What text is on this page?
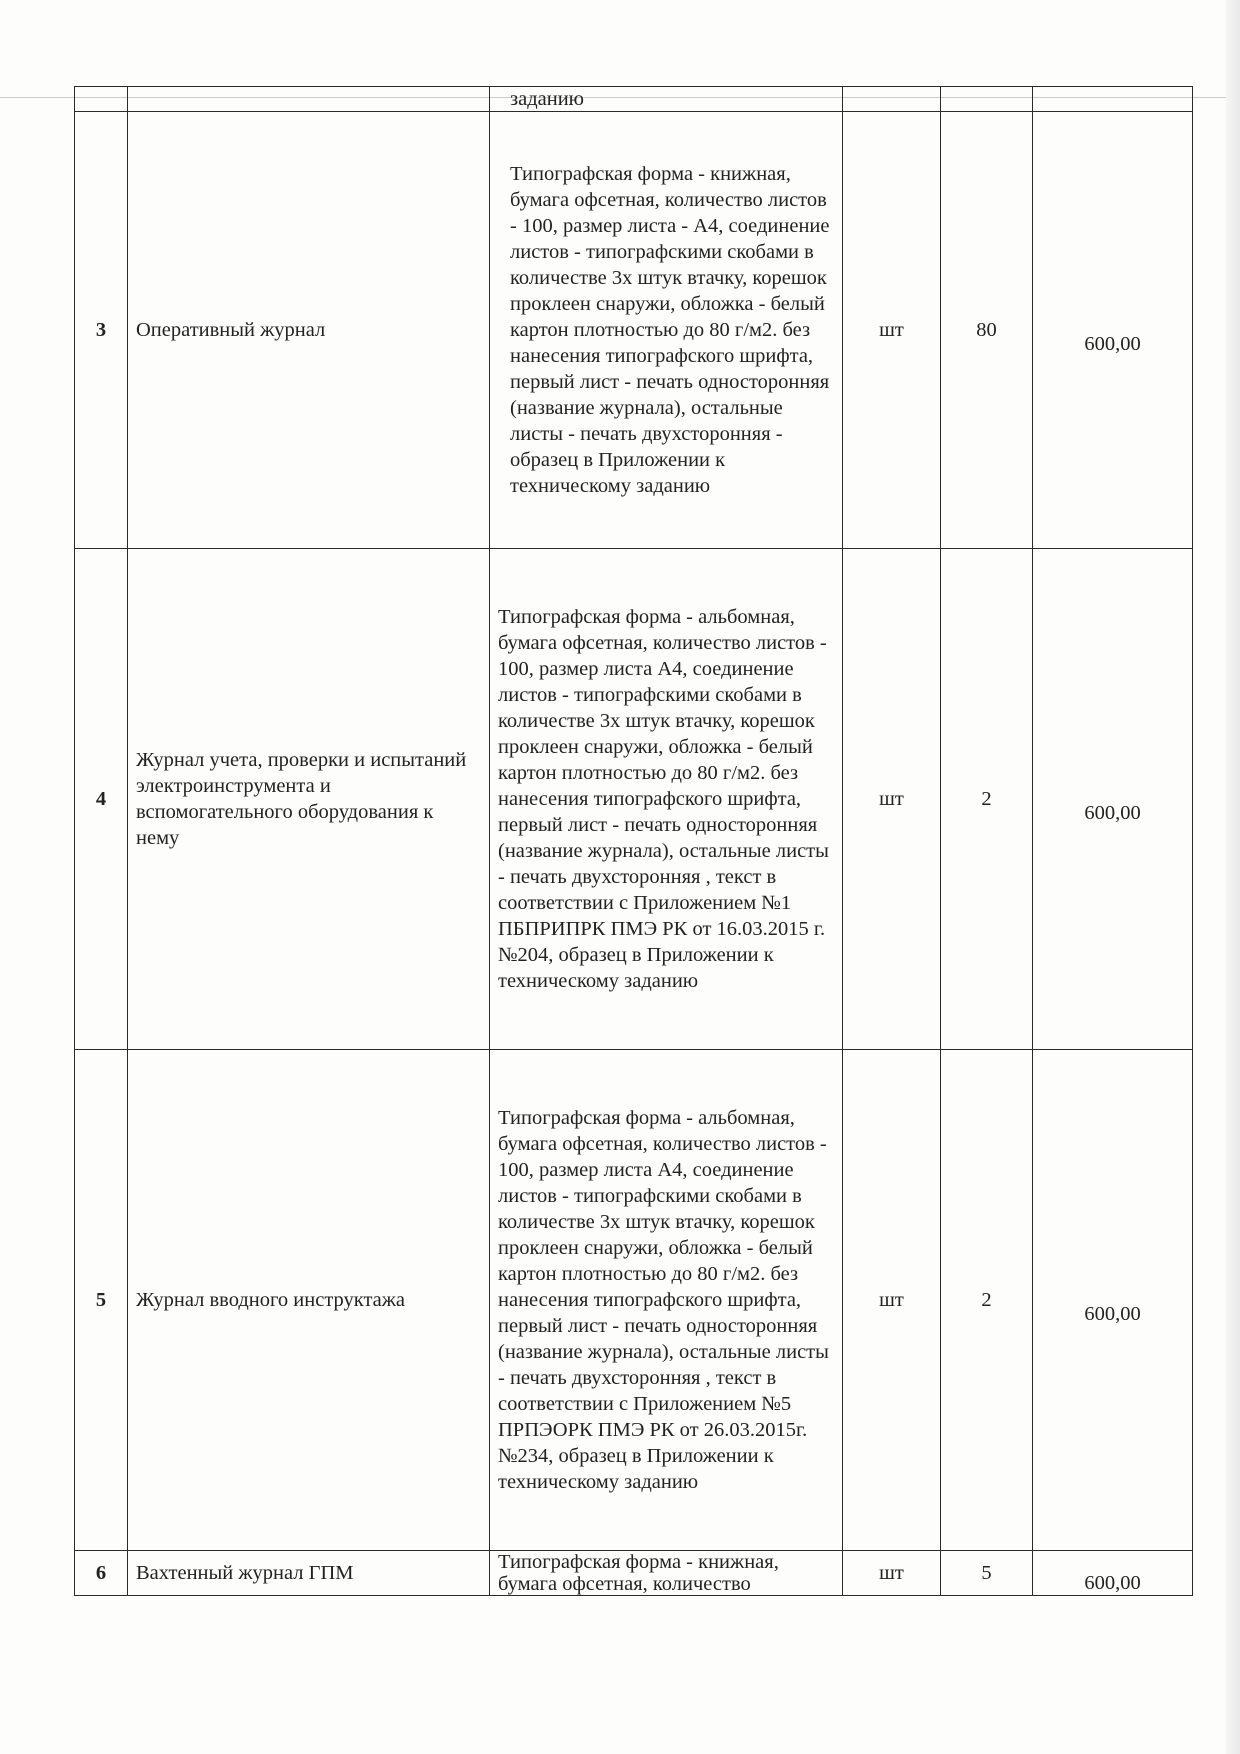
		заданию			
3	Оперативный журнал	Типографская форма - книжная, бумага офсетная, количество листов - 100, размер листа - А4, соединение листов - типографскими скобами в количестве 3х штук втачку, корешок проклеен снаружи, обложка - белый картон плотностью до 80 г/м2. без нанесения типографского шрифта, первый лист - печать односторонняя (название журнала), остальные листы - печать двухсторонняя - образец в Приложении к техническому заданию	шт	80	600,00
4	Журнал учета, проверки и испытаний электроинструмента и вспомогательного оборудования к нему	Типографская форма - альбомная, бумага офсетная, количество листов - 100, размер листа А4, соединение листов - типографскими скобами в количестве 3х штук втачку, корешок проклеен снаружи, обложка - белый картон плотностью до 80 г/м2. без нанесения типографского шрифта, первый лист - печать односторонняя (название журнала), остальные листы - печать двухсторонняя , текст в соответствии с Приложением №1 ПБПРИПРК ПМЭ РК от 16.03.2015 г. №204, образец в Приложении к техническому заданию	шт	2	600,00
5	Журнал вводного инструктажа	Типографская форма - альбомная, бумага офсетная, количество листов - 100, размер листа А4, соединение листов - типографскими скобами в количестве 3х штук втачку, корешок проклеен снаружи, обложка - белый картон плотностью до 80 г/м2. без нанесения типографского шрифта, первый лист - печать односторонняя (название журнала), остальные листы - печать двухсторонняя , текст в соответствии с Приложением №5 ПРПЭОРК ПМЭ РК от 26.03.2015г. №234, образец в Приложении к техническому заданию	шт	2	600,00
6	Вахтенный журнал ГПМ	Типографская форма - книжная, бумага офсетная, количество	шт	5	600,00
